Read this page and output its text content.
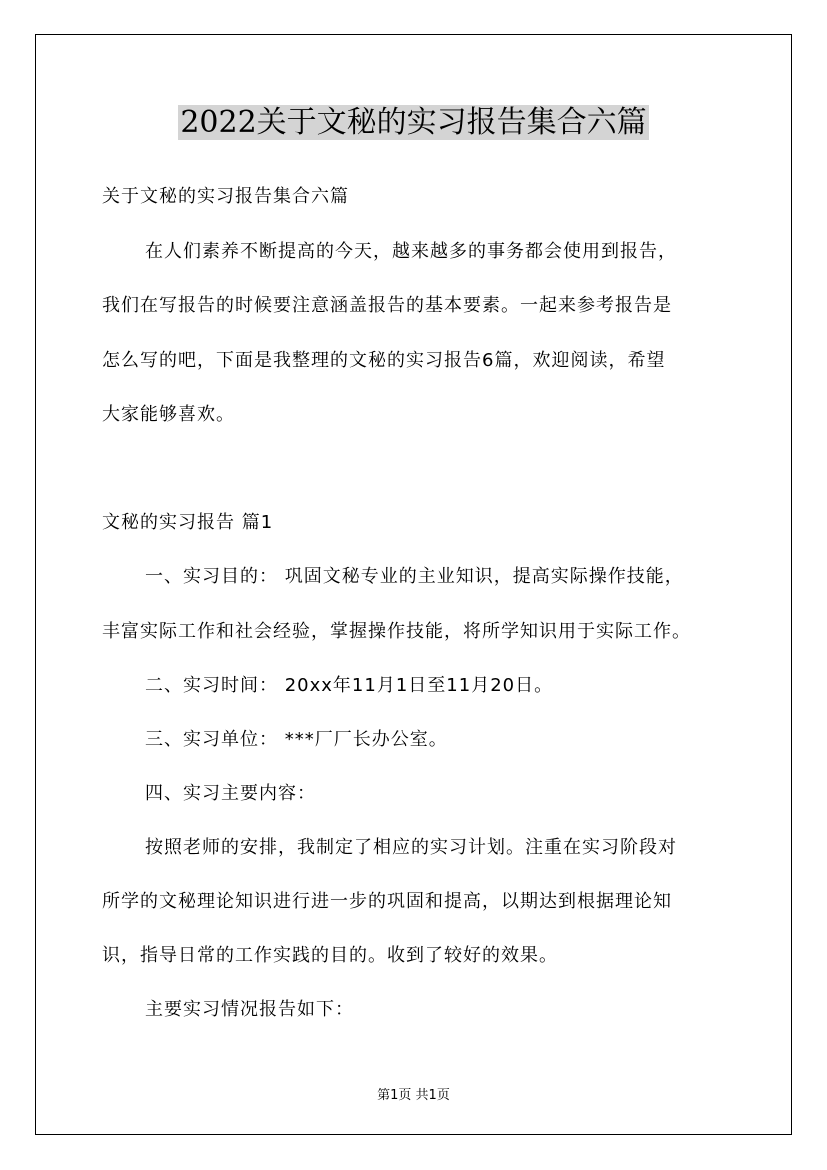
2022关于文秘的实习报告集合六篇
关于文秘的实习报告集合六篇
在人们素养不断提高的今天，越来越多的事务都会使用到报告，
我们在写报告的时候要注意涵盖报告的基本要素。一起来参考报告是
怎么写的吧，下面是我整理的文秘的实习报告6篇，欢迎阅读，希望
大家能够喜欢。
文秘的实习报告 篇1
一、实习目的： 巩固文秘专业的主业知识，提高实际操作技能，
丰富实际工作和社会经验，掌握操作技能，将所学知识用于实际工作。
二、实习时间： 20xx年11月1日至11月20日。
三、实习单位： ***厂厂长办公室。
四、实习主要内容：
按照老师的安排，我制定了相应的实习计划。注重在实习阶段对
所学的文秘理论知识进行进一步的巩固和提高，以期达到根据理论知
识，指导日常的工作实践的目的。收到了较好的效果。
主要实习情况报告如下：
第1页 共1页
